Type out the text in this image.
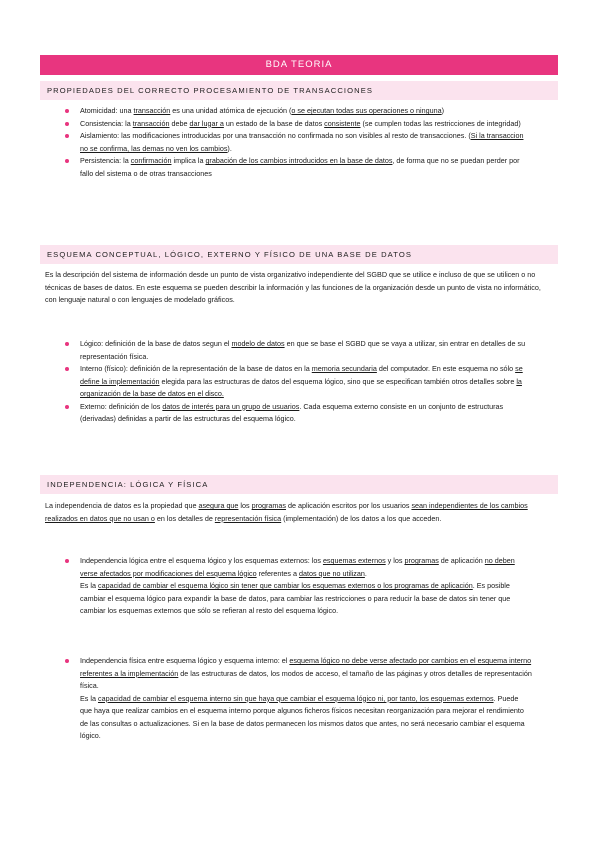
BDA TEORIA
PROPIEDADES DEL CORRECTO PROCESAMIENTO DE TRANSACCIONES
Atomicidad: una transacción es una unidad atómica de ejecución (o se ejecutan todas sus operaciones o ninguna)
Consistencia: la transacción debe dar lugar a un estado de la base de datos consistente (se cumplen todas las restricciones de integridad)
Aislamiento: las modificaciones introducidas por una transacción no confirmada no son visibles al resto de transacciones. (Si la transaccion no se confirma, las demas no ven los cambios).
Persistencia: la confirmación implica la grabación de los cambios introducidos en la base de datos, de forma que no se puedan perder por fallo del sistema o de otras transacciones
ESQUEMA CONCEPTUAL, LÓGICO, EXTERNO Y FÍSICO DE UNA BASE DE DATOS
Es la descripción del sistema de información desde un punto de vista organizativo independiente del SGBD que se utilice e incluso de que se utilicen o no técnicas de bases de datos. En este esquema se pueden describir la información y las funciones de la organización desde un punto de vista no informático, con lenguaje natural o con lenguajes de modelado gráficos.
Lógico: definición de la base de datos segun el modelo de datos en que se base el SGBD que se vaya a utilizar, sin entrar en detalles de su representación física.
Interno (físico): definición de la representación de la base de datos en la memoria secundaria del computador. En este esquema no sólo se define la implementación elegida para las estructuras de datos del esquema lógico, sino que se especifican también otros detalles sobre la organización de la base de datos en el disco.
Externo: definición de los datos de interés para un grupo de usuarios. Cada esquema externo consiste en un conjunto de estructuras (derivadas) definidas a partir de las estructuras del esquema lógico.
INDEPENDENCIA: LÓGICA Y FÍSICA
La independencia de datos es la propiedad que asegura que los programas de aplicación escritos por los usuarios sean independientes de los cambios realizados en datos que no usan o en los detalles de representación física (implementación) de los datos a los que acceden.
Independencia lógica entre el esquema lógico y los esquemas externos: los esquemas externos y los programas de aplicación no deben verse afectados por modificaciones del esquema lógico referentes a datos que no utilizan.
Es la capacidad de cambiar el esquema lógico sin tener que cambiar los esquemas externos o los programas de aplicación. Es posible cambiar el esquema lógico para expandir la base de datos, para cambiar las restricciones o para reducir la base de datos sin tener que cambiar los esquemas externos que sólo se refieran al resto del esquema lógico.
Independencia física entre esquema lógico y esquema interno: el esquema lógico no debe verse afectado por cambios en el esquema interno referentes a la implementación de las estructuras de datos, los modos de acceso, el tamaño de las páginas y otros detalles de representación física.
Es la capacidad de cambiar el esquema interno sin que haya que cambiar el esquema lógico ni, por tanto, los esquemas externos. Puede que haya que realizar cambios en el esquema interno porque algunos ficheros físicos necesitan reorganización para mejorar el rendimiento de las consultas o actualizaciones. Si en la base de datos permanecen los mismos datos que antes, no será necesario cambiar el esquema lógico.
